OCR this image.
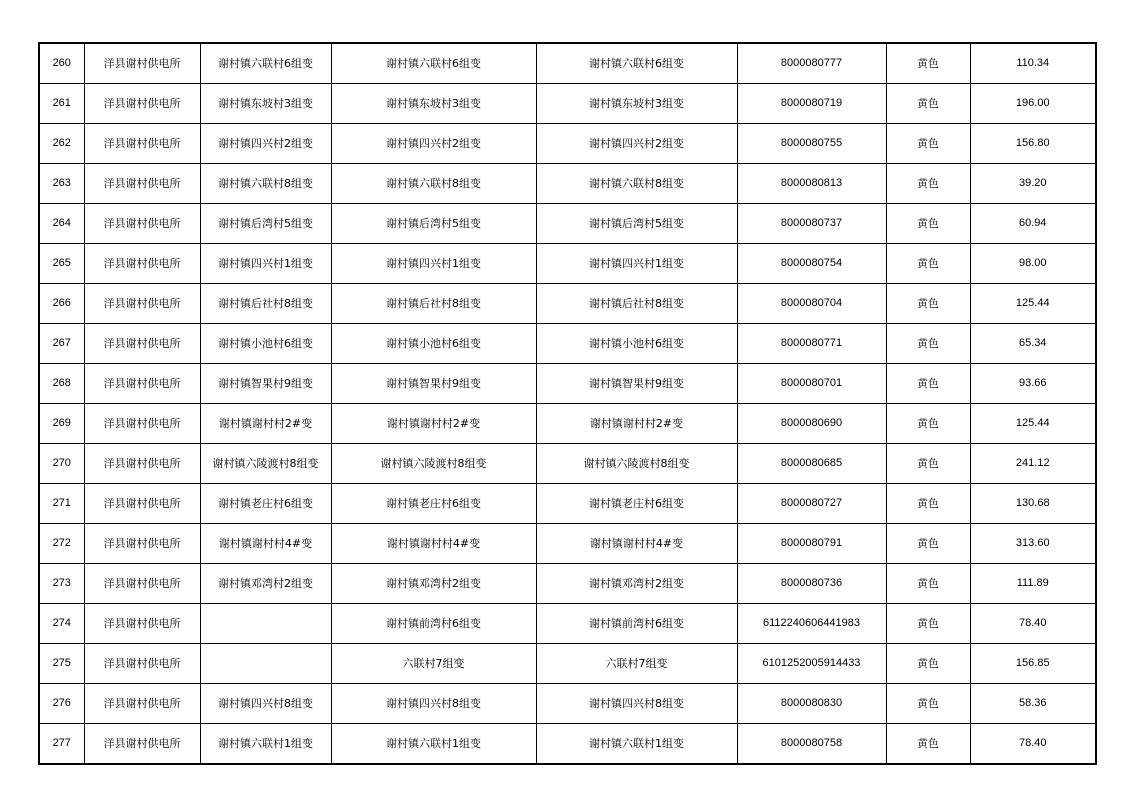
260	洋县谢村供电所	谢村镇六联村6组变	谢村镇六联村6组变	谢村镇六联村6组变	8000080777	黄色	110.34
261	洋县谢村供电所	谢村镇东坡村3组变	谢村镇东坡村3组变	谢村镇东坡村3组变	8000080719	黄色	196.00
262	洋县谢村供电所	谢村镇四兴村2组变	谢村镇四兴村2组变	谢村镇四兴村2组变	8000080755	黄色	156.80
263	洋县谢村供电所	谢村镇六联村8组变	谢村镇六联村8组变	谢村镇六联村8组变	8000080813	黄色	39.20
264	洋县谢村供电所	谢村镇后湾村5组变	谢村镇后湾村5组变	谢村镇后湾村5组变	8000080737	黄色	60.94
265	洋县谢村供电所	谢村镇四兴村1组变	谢村镇四兴村1组变	谢村镇四兴村1组变	8000080754	黄色	98.00
266	洋县谢村供电所	谢村镇后社村8组变	谢村镇后社村8组变	谢村镇后社村8组变	8000080704	黄色	125.44
267	洋县谢村供电所	谢村镇小池村6组变	谢村镇小池村6组变	谢村镇小池村6组变	8000080771	黄色	65.34
268	洋县谢村供电所	谢村镇智果村9组变	谢村镇智果村9组变	谢村镇智果村9组变	8000080701	黄色	93.66
269	洋县谢村供电所	谢村镇谢村村2#变	谢村镇谢村村2#变	谢村镇谢村村2#变	8000080690	黄色	125.44
270	洋县谢村供电所	谢村镇六陵渡村8组变	谢村镇六陵渡村8组变	谢村镇六陵渡村8组变	8000080685	黄色	241.12
271	洋县谢村供电所	谢村镇老庄村6组变	谢村镇老庄村6组变	谢村镇老庄村6组变	8000080727	黄色	130.68
272	洋县谢村供电所	谢村镇谢村村4#变	谢村镇谢村村4#变	谢村镇谢村村4#变	8000080791	黄色	313.60
273	洋县谢村供电所	谢村镇邓湾村2组变	谢村镇邓湾村2组变	谢村镇邓湾村2组变	8000080736	黄色	111.89
274	洋县谢村供电所		谢村镇前湾村6组变	谢村镇前湾村6组变	6112240606441983	黄色	78.40
275	洋县谢村供电所		六联村7组变	六联村7组变	6101252005914433	黄色	156.85
276	洋县谢村供电所	谢村镇四兴村8组变	谢村镇四兴村8组变	谢村镇四兴村8组变	8000080830	黄色	58.36
277	洋县谢村供电所	谢村镇六联村1组变	谢村镇六联村1组变	谢村镇六联村1组变	8000080758	黄色	78.40
